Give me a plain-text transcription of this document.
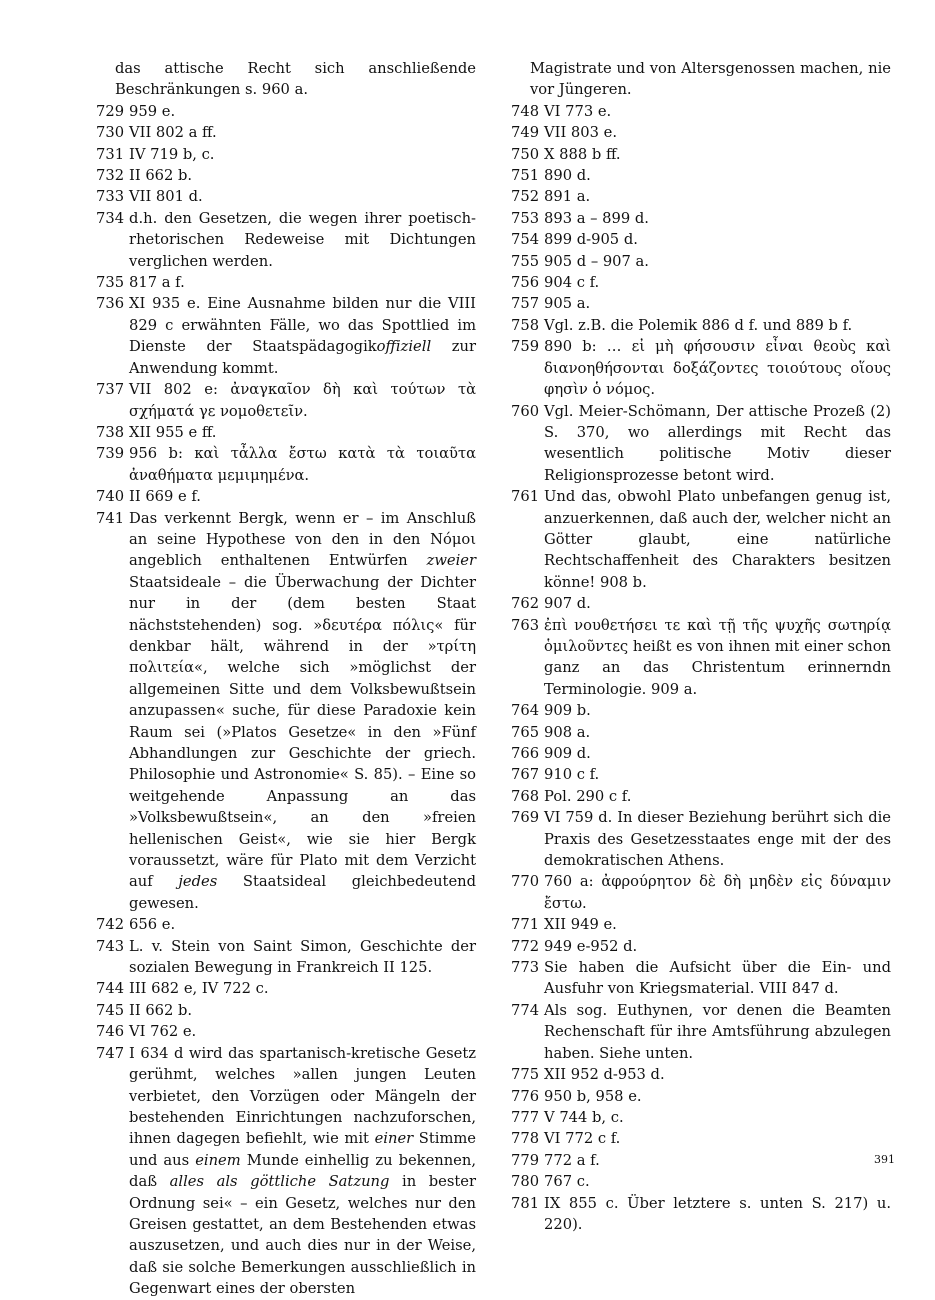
das attische Recht sich anschließende Beschränkungen s. 960 a.
729 959 e.
730 VII 802 a ff.
731 IV 719 b, c.
732 II 662 b.
733 VII 801 d.
734 d.h. den Gesetzen, die wegen ihrer poetisch-rhetorischen Redeweise mit Dichtungen verglichen werden.
735 817 a f.
736 XI 935 e. Eine Ausnahme bilden nur die VIII 829 c erwähnten Fälle, wo das Spottlied im Dienste der Staatspädagogikoffiziell zur Anwendung kommt.
737 VII 802 e: ἀναγκαῖον δὴ καὶ τούτων τὰ σχήματά γε νομοθετεῖν.
738 XII 955 e ff.
739 956 b: καὶ τἆλλα ἔστω κατὰ τὰ τοιαῦτα ἀναθήματα μεμιμημένα.
740 II 669 e f.
741 Das verkennt Bergk, wenn er – im Anschluß an seine Hypothese von den in den Νόμοι angeblich enthaltenen Entwürfen zweier Staatsideale – die Überwachung der Dichter nur in der (dem besten Staat nächststehenden) sog. »δευτέρα πόλις« für denkbar hält, während in der »τρίτη πολιτεία«, welche sich »möglichst der allgemeinen Sitte und dem Volksbewußtsein anzupassen« suche, für diese Paradoxie kein Raum sei (»Platos Gesetze« in den »Fünf Abhandlungen zur Geschichte der griech. Philosophie und Astronomie« S. 85). – Eine so weitgehende Anpassung an das »Volksbewußtsein«, an den »freien hellenischen Geist«, wie sie hier Bergk voraussetzt, wäre für Plato mit dem Verzicht auf jedes Staatsideal gleichbedeutend gewesen.
742 656 e.
743 L. v. Stein von Saint Simon, Geschichte der sozialen Bewegung in Frankreich II 125.
744 III 682 e, IV 722 c.
745 II 662 b.
746 VI 762 e.
747 I 634 d wird das spartanisch-kretische Gesetz gerühmt, welches »allen jungen Leuten verbietet, den Vorzügen oder Mängeln der bestehenden Einrichtungen nachzuforschen, ihnen dagegen befiehlt, wie mit einer Stimme und aus einem Munde einhellig zu bekennen, daß alles als göttliche Satzung in bester Ordnung sei« – ein Gesetz, welches nur den Greisen gestattet, an dem Bestehenden etwas auszusetzen, und auch dies nur in der Weise, daß sie solche Bemerkungen ausschließlich in Gegenwart eines der obersten
Magistrate und von Altersgenossen machen, nie vor Jüngeren.
748 VI 773 e.
749 VII 803 e.
750 X 888 b ff.
751 890 d.
752 891 a.
753 893 a – 899 d.
754 899 d-905 d.
755 905 d – 907 a.
756 904 c f.
757 905 a.
758 Vgl. z.B. die Polemik 886 d f. und 889 b f.
759 890 b: … εἰ μὴ φήσουσιν εἶναι θεοὺς καὶ διανοηθήσονται δοξάζοντες τοιούτους οἵους φησὶν ὁ νόμος.
760 Vgl. Meier-Schömann, Der attische Prozeß (2) S. 370, wo allerdings mit Recht das wesentlich politische Motiv dieser Religionsprozesse betont wird.
761 Und das, obwohl Plato unbefangen genug ist, anzuerkennen, daß auch der, welcher nicht an Götter glaubt, eine natürliche Rechtschaffenheit des Charakters besitzen könne! 908 b.
762 907 d.
763 ἐπὶ νουθετήσει τε καὶ τῇ τῆς ψυχῆς σωτηρίᾳ ὁμιλοῦντες heißt es von ihnen mit einer schon ganz an das Christentum erinnerndn Terminologie. 909 a.
764 909 b.
765 908 a.
766 909 d.
767 910 c f.
768 Pol. 290 c f.
769 VI 759 d. In dieser Beziehung berührt sich die Praxis des Gesetzesstaates enge mit der des demokratischen Athens.
770 760 a: ἀφρούρητον δὲ δὴ μηδὲν εἰς δύναμιν ἔστω.
771 XII 949 e.
772 949 e-952 d.
773 Sie haben die Aufsicht über die Ein- und Ausfuhr von Kriegsmaterial. VIII 847 d.
774 Als sog. Euthynen, vor denen die Beamten Rechenschaft für ihre Amtsführung abzulegen haben. Siehe unten.
775 XII 952 d-953 d.
776 950 b, 958 e.
777 V 744 b, c.
778 VI 772 c f.
779 772 a f.
780 767 c.
781 IX 855 c. Über letztere s. unten S. 217) u. 220).
391
